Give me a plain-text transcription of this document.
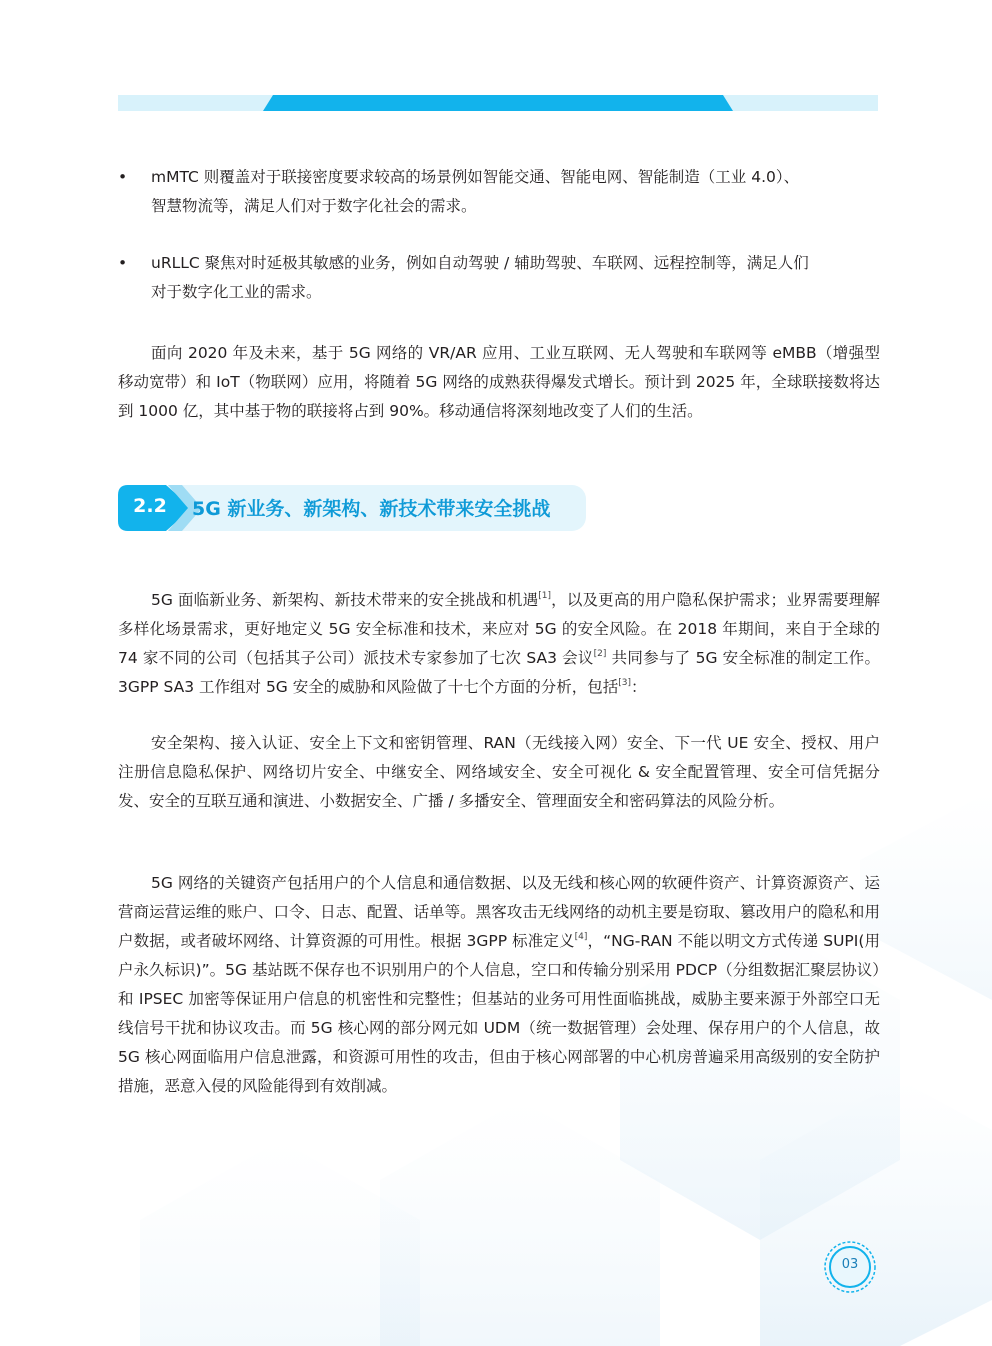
•	mMTC 则覆盖对于联接密度要求较高的场景例如智能交通、智能电网、智能制造（工业 4.0）、
智慧物流等，满足人们对于数字化社会的需求。
•	uRLLC 聚焦对时延极其敏感的业务，例如自动驾驶 / 辅助驾驶、车联网、远程控制等，满足人们
对于数字化工业的需求。

面向 2020 年及未来，基于 5G 网络的 VR/AR 应用、工业互联网、无人驾驶和车联网等 eMBB（增强型移动宽带）和 IoT（物联网）应用，将随着 5G 网络的成熟获得爆发式增长。预计到 2025 年，全球联接数将达到 1000 亿，其中基于物的联接将占到 90%。移动通信将深刻地改变了人们的生活。

5G 面临新业务、新架构、新技术带来的安全挑战和机遇[1]，以及更高的用户隐私保护需求；业界需要理解多样化场景需求，更好地定义 5G 安全标准和技术，来应对 5G 的安全风险。在 2018 年期间，来自于全球的 74 家不同的公司（包括其子公司）派技术专家参加了七次 SA3 会议[2] 共同参与了 5G 安全标准的制定工作。3GPP SA3 工作组对 5G 安全的威胁和风险做了十七个方面的分析，包括[3]：

安全架构、接入认证、安全上下文和密钥管理、RAN（无线接入网）安全、下一代 UE 安全、授权、用户注册信息隐私保护、网络切片安全、中继安全、网络域安全、安全可视化 & 安全配置管理、安全可信凭据分发、安全的互联互通和演进、小数据安全、广播 / 多播安全、管理面安全和密码算法的风险分析。

5G 网络的关键资产包括用户的个人信息和通信数据、以及无线和核心网的软硬件资产、计算资源资产、运营商运营运维的账户、口令、日志、配置、话单等。黑客攻击无线网络的动机主要是窃取、篡改用户的隐私和用户数据，或者破坏网络、计算资源的可用性。根据 3GPP 标准定义[4]，“NG-RAN 不能以明文方式传递 SUPI(用户永久标识)”。5G 基站既不保存也不识别用户的个人信息，空口和传输分别采用 PDCP（分组数据汇聚层协议）和 IPSEC 加密等保证用户信息的机密性和完整性；但基站的业务可用性面临挑战，威胁主要来源于外部空口无线信号干扰和协议攻击。而 5G 核心网的部分网元如 UDM（统一数据管理）会处理、保存用户的个人信息，故 5G 核心网面临用户信息泄露，和资源可用性的攻击，但由于核心网部署的中心机房普遍采用高级别的安全防护措施，恶意入侵的风险能得到有效削减。

2.2 5G 新业务、新架构、新技术带来安全挑战
03
